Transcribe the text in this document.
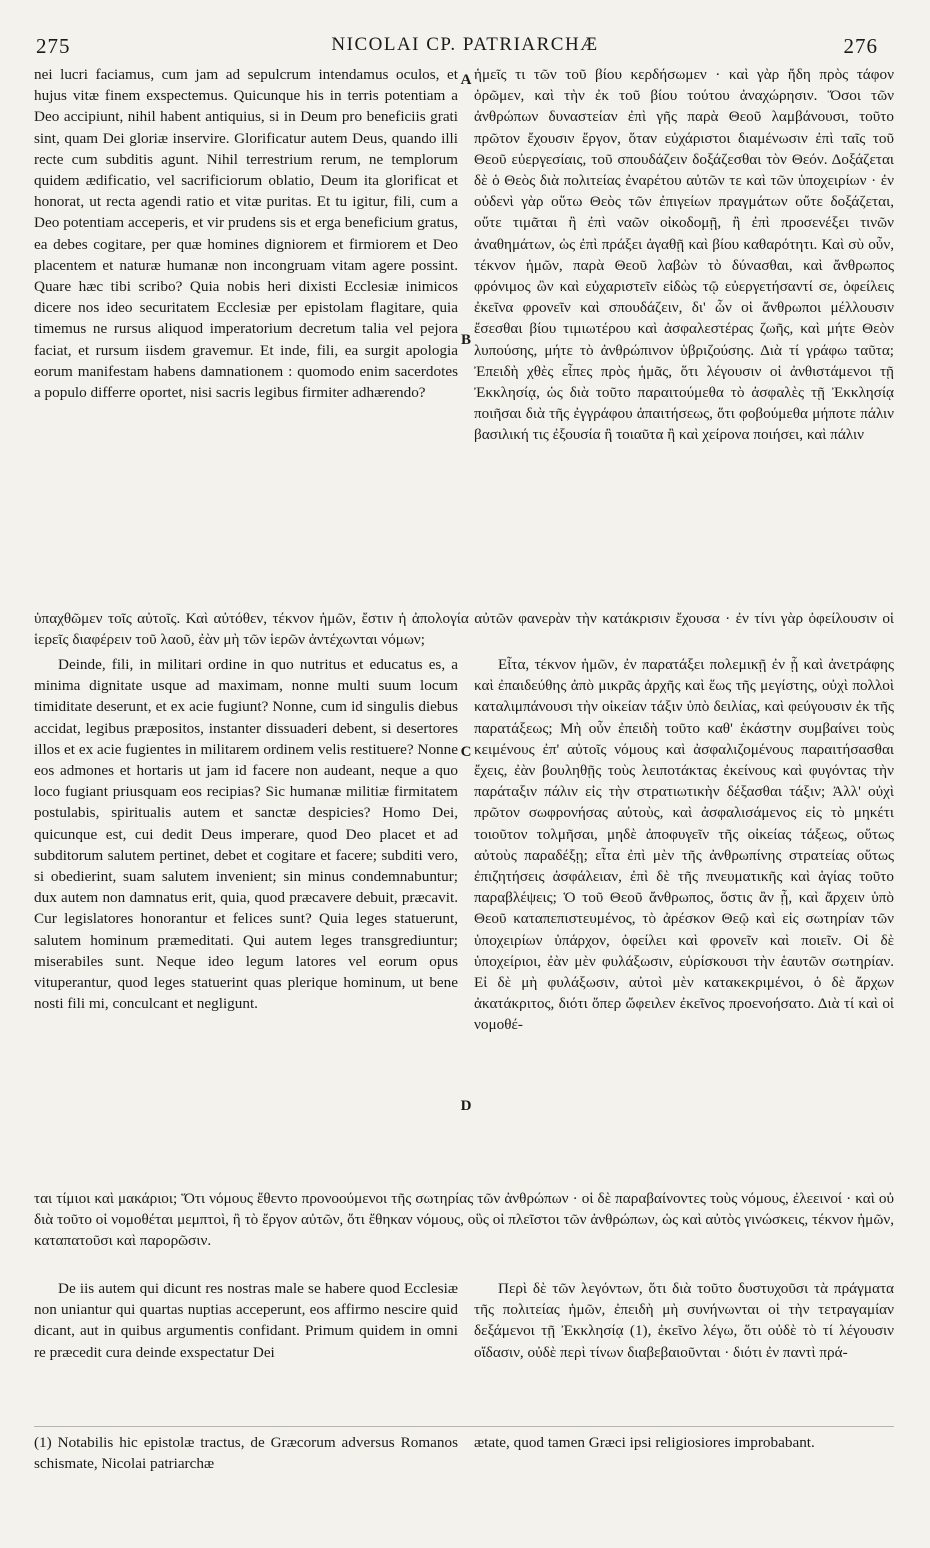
275	NICOLAI CP. PATRIARCHÆ	276
A
B
C
D

nei lucri faciamus, cum jam ad sepulcrum intendamus oculos, et hujus vitæ finem exspectemus. Quicunque his in terris potentiam a Deo accipiunt, nihil habent antiquius, si in Deum pro beneficiis grati sint, quam Dei gloriæ inservire. Glorificatur autem Deus, quando illi recte cum subditis agunt. Nihil terrestrium rerum, ne templorum quidem ædificatio, vel sacrificiorum oblatio, Deum ita glorificat et honorat, ut recta agendi ratio et vitæ puritas. Et tu igitur, fili, cum a Deo potentiam acceperis, et vir prudens sis et erga beneficium gratus, ea debes cogitare, per quæ homines digniorem et firmiorem et Deo placentem et naturæ humanæ non incongruam vitam agere possint. Quare hæc tibi scribo? Quia nobis heri dixisti Ecclesiæ inimicos dicere nos ideo securitatem Ecclesiæ per epistolam flagitare, quia timemus ne rursus aliquod imperatorium decretum talia vel pejora faciat, et rursum iisdem gravemur. Et inde, fili, ea surgit apologia eorum manifestam habens damnationem : quomodo enim sacerdotes a populo differre oportet, nisi sacris legibus firmiter adhærendo?

ἡμεῖς τι τῶν τοῦ βίου κερδήσωμεν · καὶ γὰρ ἤδη πρὸς τάφον ὁρῶμεν, καὶ τὴν ἐκ τοῦ βίου τούτου ἀναχώρησιν. Ὅσοι τῶν ἀνθρώπων δυναστείαν ἐπὶ γῆς παρὰ Θεοῦ λαμβάνουσι, τοῦτο πρῶτον ἔχουσιν ἔργον, ὅταν εὐχάριστοι διαμένωσιν ἐπὶ ταῖς τοῦ Θεοῦ εὐεργεσίαις, τοῦ σπουδάζειν δοξάζεσθαι τὸν Θεόν. Δοξάζεται δὲ ὁ Θεὸς διὰ πολιτείας ἐναρέτου αὐτῶν τε καὶ τῶν ὑποχειρίων · ἐν οὐδενὶ γὰρ οὕτω Θεὸς τῶν ἐπιγείων πραγμάτων οὔτε δοξάζεται, οὔτε τιμᾶται ἢ ἐπὶ ναῶν οἰκοδομῇ, ἢ ἐπὶ προσενέξει τινῶν ἀναθημάτων, ὡς ἐπὶ πράξει ἀγαθῇ καὶ βίου καθαρότητι. Καὶ σὺ οὖν, τέκνον ἡμῶν, παρὰ Θεοῦ λαβὼν τὸ δύνασθαι, καὶ ἄνθρωπος φρόνιμος ὢν καὶ εὐχαριστεῖν εἰδὼς τῷ εὐεργετήσαντί σε, ὀφείλεις ἐκεῖνα φρονεῖν καὶ σπουδάζειν, δι' ὧν οἱ ἄνθρωποι μέλλουσιν ἔσεσθαι βίου τιμιωτέρου καὶ ἀσφαλεστέρας ζωῆς, καὶ μήτε Θεὸν λυπούσης, μήτε τὸ ἀνθρώπινον ὑβριζούσης. Διὰ τί γράφω ταῦτα; Ἐπειδὴ χθὲς εἶπες πρὸς ἡμᾶς, ὅτι λέγουσιν οἱ ἀνθιστάμενοι τῇ Ἐκκλησίᾳ, ὡς διὰ τοῦτο παραιτούμεθα τὸ ἀσφαλὲς τῇ Ἐκκλησίᾳ ποιῆσαι διὰ τῆς ἐγγράφου ἀπαιτήσεως, ὅτι φοβούμεθα μήποτε πάλιν βασιλική τις ἐξουσία ἢ τοιαῦτα ἢ καὶ χείρονα ποιήσει, καὶ πάλιν

ὑπαχθῶμεν τοῖς αὐτοῖς. Καὶ αὐτόθεν, τέκνον ἡμῶν, ἔστιν ἡ ἀπολογία αὐτῶν φανερὰν τὴν κατάκρισιν ἔχουσα · ἐν τίνι γὰρ ὀφείλουσιν οἱ ἱερεῖς διαφέρειν τοῦ λαοῦ, ἐὰν μὴ τῶν ἱερῶν ἀντέχωνται νόμων;

Deinde, fili, in militari ordine in quo nutritus et educatus es, a minima dignitate usque ad maximam, nonne multi suum locum timiditate deserunt, et ex acie fugiunt? Nonne, cum id singulis diebus accidat, legibus præpositos, instanter dissuaderi debent, si desertores illos et ex acie fugientes in militarem ordinem velis restituere? Nonne eos admones et hortaris ut jam id facere non audeant, neque a quo loco fugiant priusquam eos recipias? Sic humanæ militiæ firmitatem postulabis, spiritualis autem et sanctæ despicies? Homo Dei, quicunque est, cui dedit Deus imperare, quod Deo placet et ad subditorum salutem pertinet, debet et cogitare et facere; subditi vero, si obedierint, suam salutem invenient; sin minus condemnabuntur; dux autem non damnatus erit, quia, quod præcavere debuit, præcavit. Cur legislatores honorantur et felices sunt? Quia leges statuerunt, salutem hominum præmeditati. Qui autem leges transgrediuntur; miserabiles sunt. Neque ideo legum latores vel eorum opus vituperantur, quod leges statuerint quas plerique hominum, ut bene nosti fili mi, conculcant et negligunt.

Εἶτα, τέκνον ἡμῶν, ἐν παρατάξει πολεμικῇ ἐν ᾗ καὶ ἀνετράφης καὶ ἐπαιδεύθης ἀπὸ μικρᾶς ἀρχῆς καὶ ἕως τῆς μεγίστης, οὐχὶ πολλοὶ καταλιμπάνουσι τὴν οἰκείαν τάξιν ὑπὸ δειλίας, καὶ φεύγουσιν ἐκ τῆς παρατάξεως; Μὴ οὖν ἐπειδὴ τοῦτο καθ' ἑκάστην συμβαίνει τοὺς κειμένους ἐπ' αὐτοῖς νόμους καὶ ἀσφαλιζομένους παραιτήσασθαι ἔχεις, ἐὰν βουληθῇς τοὺς λειποτάκτας ἐκείνους καὶ φυγόντας τὴν παράταξιν πάλιν εἰς τὴν στρατιωτικὴν δέξασθαι τάξιν; Ἀλλ' οὐχὶ πρῶτον σωφρονήσας αὐτοὺς, καὶ ἀσφαλισάμενος εἰς τὸ μηκέτι τοιοῦτον τολμῆσαι, μηδὲ ἀποφυγεῖν τῆς οἰκείας τάξεως, οὕτως αὐτοὺς παραδέξῃ; εἶτα ἐπὶ μὲν τῆς ἀνθρωπίνης στρατείας οὕτως ἐπιζητήσεις ἀσφάλειαν, ἐπὶ δὲ τῆς πνευματικῆς καὶ ἁγίας τοῦτο παραβλέψεις; Ὁ τοῦ Θεοῦ ἄνθρωπος, ὅστις ἂν ᾖ, καὶ ἄρχειν ὑπὸ Θεοῦ καταπεπιστευμένος, τὸ ἀρέσκον Θεῷ καὶ εἰς σωτηρίαν τῶν ὑποχειρίων ὑπάρχον, ὀφείλει καὶ φρονεῖν καὶ ποιεῖν. Οἱ δὲ ὑποχείριοι, ἐὰν μὲν φυλάξωσιν, εὑρίσκουσι τὴν ἑαυτῶν σωτηρίαν. Εἰ δὲ μὴ φυλάξωσιν, αὐτοὶ μὲν κατακεκριμένοι, ὁ δὲ ἄρχων ἀκατάκριτος, διότι ὅπερ ὤφειλεν ἐκεῖνος προενοήσατο. Διὰ τί καὶ οἱ νομοθέ-

ται τίμιοι καὶ μακάριοι; Ὅτι νόμους ἔθεντο προνοούμενοι τῆς σωτηρίας τῶν ἀνθρώπων · οἱ δὲ παραβαίνοντες τοὺς νόμους, ἐλεεινοί · καὶ οὐ διὰ τοῦτο οἱ νομοθέται μεμπτοὶ, ἢ τὸ ἔργον αὐτῶν, ὅτι ἔθηκαν νόμους, οὓς οἱ πλεῖστοι τῶν ἀνθρώπων, ὡς καὶ αὐτὸς γινώσκεις, τέκνον ἡμῶν, καταπατοῦσι καὶ παρορῶσιν.

De iis autem qui dicunt res nostras male se habere quod Ecclesiæ non uniantur qui quartas nuptias acceperunt, eos affirmo nescire quid dicant, aut in quibus argumentis confidant. Primum quidem in omni re præcedit cura deinde exspectatur Dei

Περὶ δὲ τῶν λεγόντων, ὅτι διὰ τοῦτο δυστυχοῦσι τὰ πράγματα τῆς πολιτείας ἡμῶν, ἐπειδὴ μὴ συνήνωνται οἱ τὴν τετραγαμίαν δεξάμενοι τῇ Ἐκκλησίᾳ (1), ἐκεῖνο λέγω, ὅτι οὐδὲ τὸ τί λέγουσιν οἴδασιν, οὐδὲ περὶ τίνων διαβεβαιοῦνται · διότι ἐν παντὶ πρά-

(1) Notabilis hic epistolæ tractus, de Græcorum adversus Romanos schismate, Nicolai patriarchæ
ætate, quod tamen Græci ipsi religiosiores improbabant.
